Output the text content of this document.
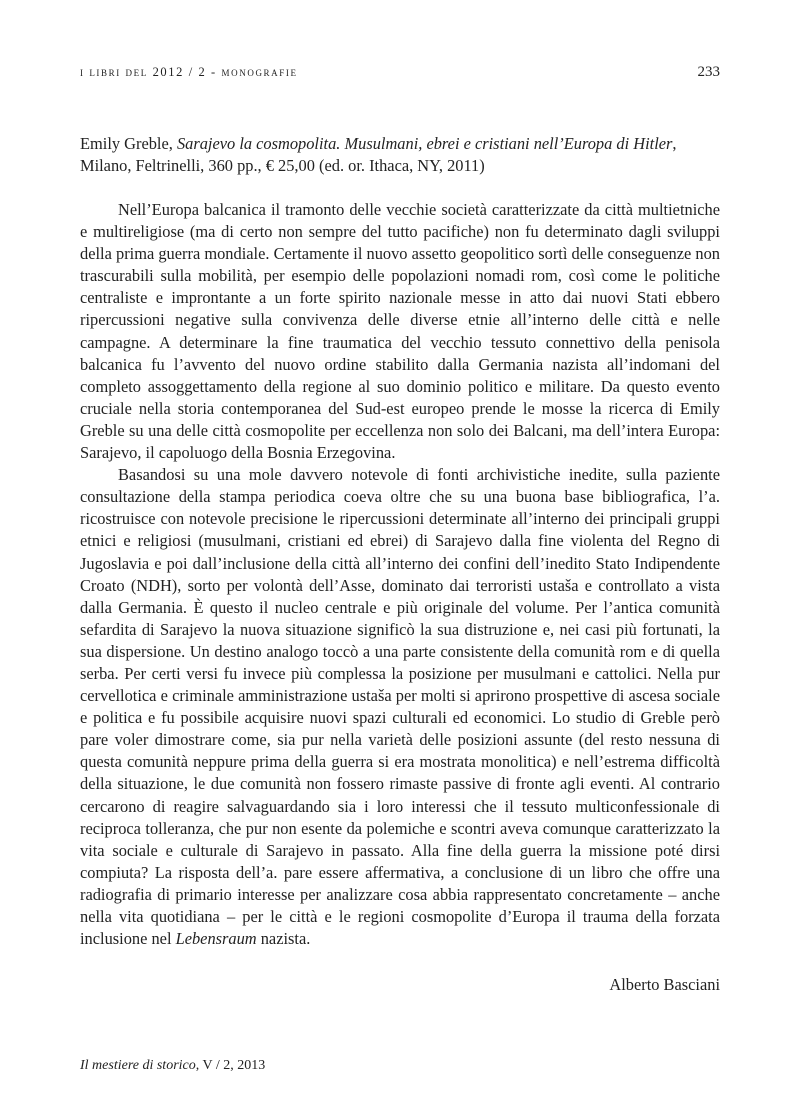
i libri del 2012 / 2 - monografie	233
Emily Greble, Sarajevo la cosmopolita. Musulmani, ebrei e cristiani nell’Europa di Hitler, Milano, Feltrinelli, 360 pp., € 25,00 (ed. or. Ithaca, NY, 2011)

Nell’Europa balcanica il tramonto delle vecchie società caratterizzate da città multietniche e multireligiose (ma di certo non sempre del tutto pacifiche) non fu determinato dagli sviluppi della prima guerra mondiale. Certamente il nuovo assetto geopolitico sortì delle conseguenze non trascurabili sulla mobilità, per esempio delle popolazioni nomadi rom, così come le politiche centraliste e improntante a un forte spirito nazionale messe in atto dai nuovi Stati ebbero ripercussioni negative sulla convivenza delle diverse etnie all’interno delle città e nelle campagne. A determinare la fine traumatica del vecchio tessuto connettivo della penisola balcanica fu l’avvento del nuovo ordine stabilito dalla Germania nazista all’indomani del completo assoggettamento della regione al suo dominio politico e militare. Da questo evento cruciale nella storia contemporanea del Sud-est europeo prende le mosse la ricerca di Emily Greble su una delle città cosmopolite per eccellenza non solo dei Balcani, ma dell’intera Europa: Sarajevo, il capoluogo della Bosnia Erzegovina.

Basandosi su una mole davvero notevole di fonti archivistiche inedite, sulla paziente consultazione della stampa periodica coeva oltre che su una buona base bibliografica, l’a. ricostruisce con notevole precisione le ripercussioni determinate all’interno dei principali gruppi etnici e religiosi (musulmani, cristiani ed ebrei) di Sarajevo dalla fine violenta del Regno di Jugoslavia e poi dall’inclusione della città all’interno dei confini dell’inedito Stato Indipendente Croato (NDH), sorto per volontà dell’Asse, dominato dai terroristi ustaša e controllato a vista dalla Germania. È questo il nucleo centrale e più originale del volume. Per l’antica comunità sefardita di Sarajevo la nuova situazione significò la sua distruzione e, nei casi più fortunati, la sua dispersione. Un destino analogo toccò a una parte consistente della comunità rom e di quella serba. Per certi versi fu invece più complessa la posizione per musulmani e cattolici. Nella pur cervellotica e criminale amministrazione ustaša per molti si aprirono prospettive di ascesa sociale e politica e fu possibile acquisire nuovi spazi culturali ed economici. Lo studio di Greble però pare voler dimostrare come, sia pur nella varietà delle posizioni assunte (del resto nessuna di questa comunità neppure prima della guerra si era mostrata monolitica) e nell’estrema difficoltà della situazione, le due comunità non fossero rimaste passive di fronte agli eventi. Al contrario cercarono di reagire salvaguardando sia i loro interessi che il tessuto multiconfessionale di reciproca tolleranza, che pur non esente da polemiche e scontri aveva comunque caratterizzato la vita sociale e culturale di Sarajevo in passato. Alla fine della guerra la missione poté dirsi compiuta? La risposta dell’a. pare essere affermativa, a conclusione di un libro che offre una radiografia di primario interesse per analizzare cosa abbia rappresentato concretamente – anche nella vita quotidiana – per le città e le regioni cosmopolite d’Europa il trauma della forzata inclusione nel Lebensraum nazista.

Alberto Basciani
Il mestiere di storico, V / 2, 2013
